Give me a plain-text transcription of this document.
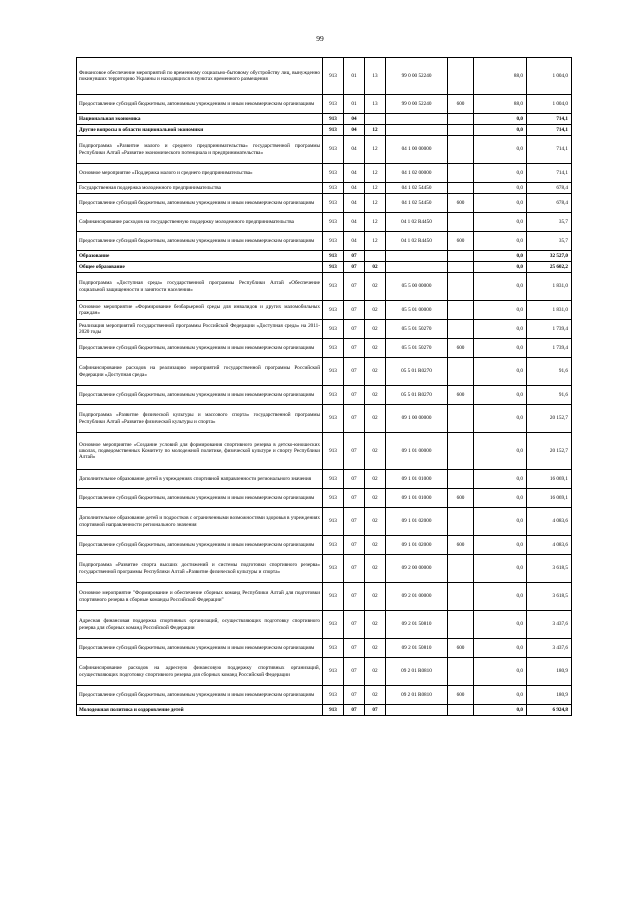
99
Финансовое обеспечение мероприятий по временному социально-бытовому обустройству лиц, вынужденно покинувших территорию Украины и находящихся в пунктах временного размещения	913	01	13	99 0 00 52240		88,0	1 004,0
Предоставление субсидий бюджетным, автономным учреждениям и иным некоммерческим организациям	913	01	13	99 0 00 52240	600	88,0	1 004,0
Национальная экономика	913	04				0,0	714,1
Другие вопросы в области национальной экономики	913	04	12			0,0	714,1
Подпрограмма «Развитие малого и среднего предпринимательства» государственной программы Республики Алтай «Развитие экономического потенциала и предпринимательства»	913	04	12	04 1 00 00000		0,0	714,1
Основное мероприятие «Поддержка малого и среднего предпринимательства»	913	04	12	04 1 02 00000		0,0	714,1
Государственная поддержка молодежного предпринимательства	913	04	12	04 1 02 54450		0,0	678,4
Предоставление субсидий бюджетным, автономным учреждениям и иным некоммерческим организациям	913	04	12	04 1 02 54450	600	0,0	678,4
Софинансирование расходов на государственную поддержку молодежного предпринимательства	913	04	12	04 1 02 R4450		0,0	35,7
Предоставление субсидий бюджетным, автономным учреждениям и иным некоммерческим организациям	913	04	12	04 1 02 R4450	600	0,0	35,7
Образование	913	07				0,0	32 527,0
Общее образование	913	07	02			0,0	25 602,2
Подпрограмма «Доступная среда» государственной программы Республики Алтай «Обеспечение социальной защищенности и занятости населения»	913	07	02	05 5 00 00000		0,0	1 831,0
Основное мероприятие «Формирование безбарьерной среды для инвалидов и других маломобильных граждан»	913	07	02	05 5 01 00000		0,0	1 831,0
Реализация мероприятий государственной программы Российской Федерации «Доступная среда» на 2011-2020 годы	913	07	02	05 5 01 50270		0,0	1 739,4
Предоставление субсидий бюджетным, автономным учреждениям и иным некоммерческим организациям	913	07	02	05 5 01 50270	600	0,0	1 739,4
Софинансирование расходов на реализацию мероприятий государственной программы Российской Федерации «Доступная среда»	913	07	02	05 5 01 R0270		0,0	91,6
Предоставление субсидий бюджетным, автономным учреждениям и иным некоммерческим организациям	913	07	02	05 5 01 R0270	600	0,0	91,6
Подпрограмма «Развитие физической культуры и массового спорта» государственной программы Республики Алтай «Развитие физической культуры и спорта»	913	07	02	09 1 00 00000		0,0	20 152,7
Основное мероприятие «Создание условий для формирования спортивного резерва в детско-юношеских школах, подведомственных Комитету по молодежной политике, физической культуре и спорту Республики Алтай»	913	07	02	09 1 01 00000		0,0	20 152,7
Дополнительное образование детей в учреждениях спортивной направленности регионального значения	913	07	02	09 1 01 01000		0,0	16 069,1
Предоставление субсидий бюджетным, автономным учреждениям и иным некоммерческим организациям	913	07	02	09 1 01 01000	600	0,0	16 069,1
Дополнительное образование детей и подростков с ограниченными возможностями здоровья в учреждениях спортивной направленности регионального значения	913	07	02	09 1 01 02000		0,0	4 083,6
Предоставление субсидий бюджетным, автономным учреждениям и иным некоммерческим организациям	913	07	02	09 1 01 02000	600	0,0	4 083,6
Подпрограмма «Развитие спорта высших достижений и системы подготовки спортивного резерва» государственной программы Республики Алтай «Развитие физической культуры и спорта»	913	07	02	09 2 00 00000		0,0	3 618,5
Основное мероприятие "Формирование и обеспечение сборных команд Республики Алтай для подготовки спортивного резерва в сборные команды Российской Федерации"	913	07	02	09 2 01 00000		0,0	3 618,5
Адресная финансовая поддержка спортивных организаций, осуществляющих подготовку спортивного резерва для сборных команд Российской Федерации	913	07	02	09 2 01 50810		0,0	3 437,6
Предоставление субсидий бюджетным, автономным учреждениям и иным некоммерческим организациям	913	07	02	09 2 01 50810	600	0,0	3 437,6
Софинансирование расходов на адресную финансовую поддержку спортивных организаций, осуществляющих подготовку спортивного резерва для сборных команд Российской Федерации	913	07	02	09 2 01 R0810		0,0	180,9
Предоставление субсидий бюджетным, автономным учреждениям и иным некоммерческим организациям	913	07	02	09 2 01 R0810	600	0,0	180,9
Молодежная политика и оздоровление детей	913	07	07			0,0	6 924,8
